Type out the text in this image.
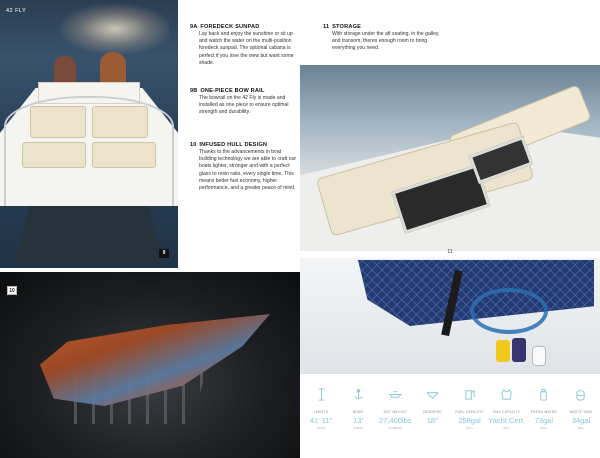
42 FLY
9
9A FOREDECK SUNPAD
Lay back and enjoy the sunshine or sit up and watch the water on the multi-position foredeck sunpad. The optional cabana is perfect if you love the view but want some shade.
9B ONE-PIECE BOW RAIL
The bowrail on the 42 Fly is made and installed as one piece to ensure optimal strength and durability.
10 INFUSED HULL DESIGN
Thanks to the advancements in boat building technology we are able to craft our boats lighter, stronger and with a perfect glass to resin ratio, every single time. This means better fuel economy, higher performance, and a greater peace of mind.
11 STORAGE
With storage under the aft seating, in the galley, and transom, theres enough room to bring everything you need.
11
10
LENGTH
41' 11"
12.8 M
BEAM
13'
3.96 M
DRY WEIGHT
27,400lbs
12,428 KG
DEADRISE
18°
FUEL CAPACITY
258gal
977 L
MAX CAPACITY
Yacht Cert.
CE C
FRESH WATER
73gal
276 L
WASTE TANK
34gal
129 L
